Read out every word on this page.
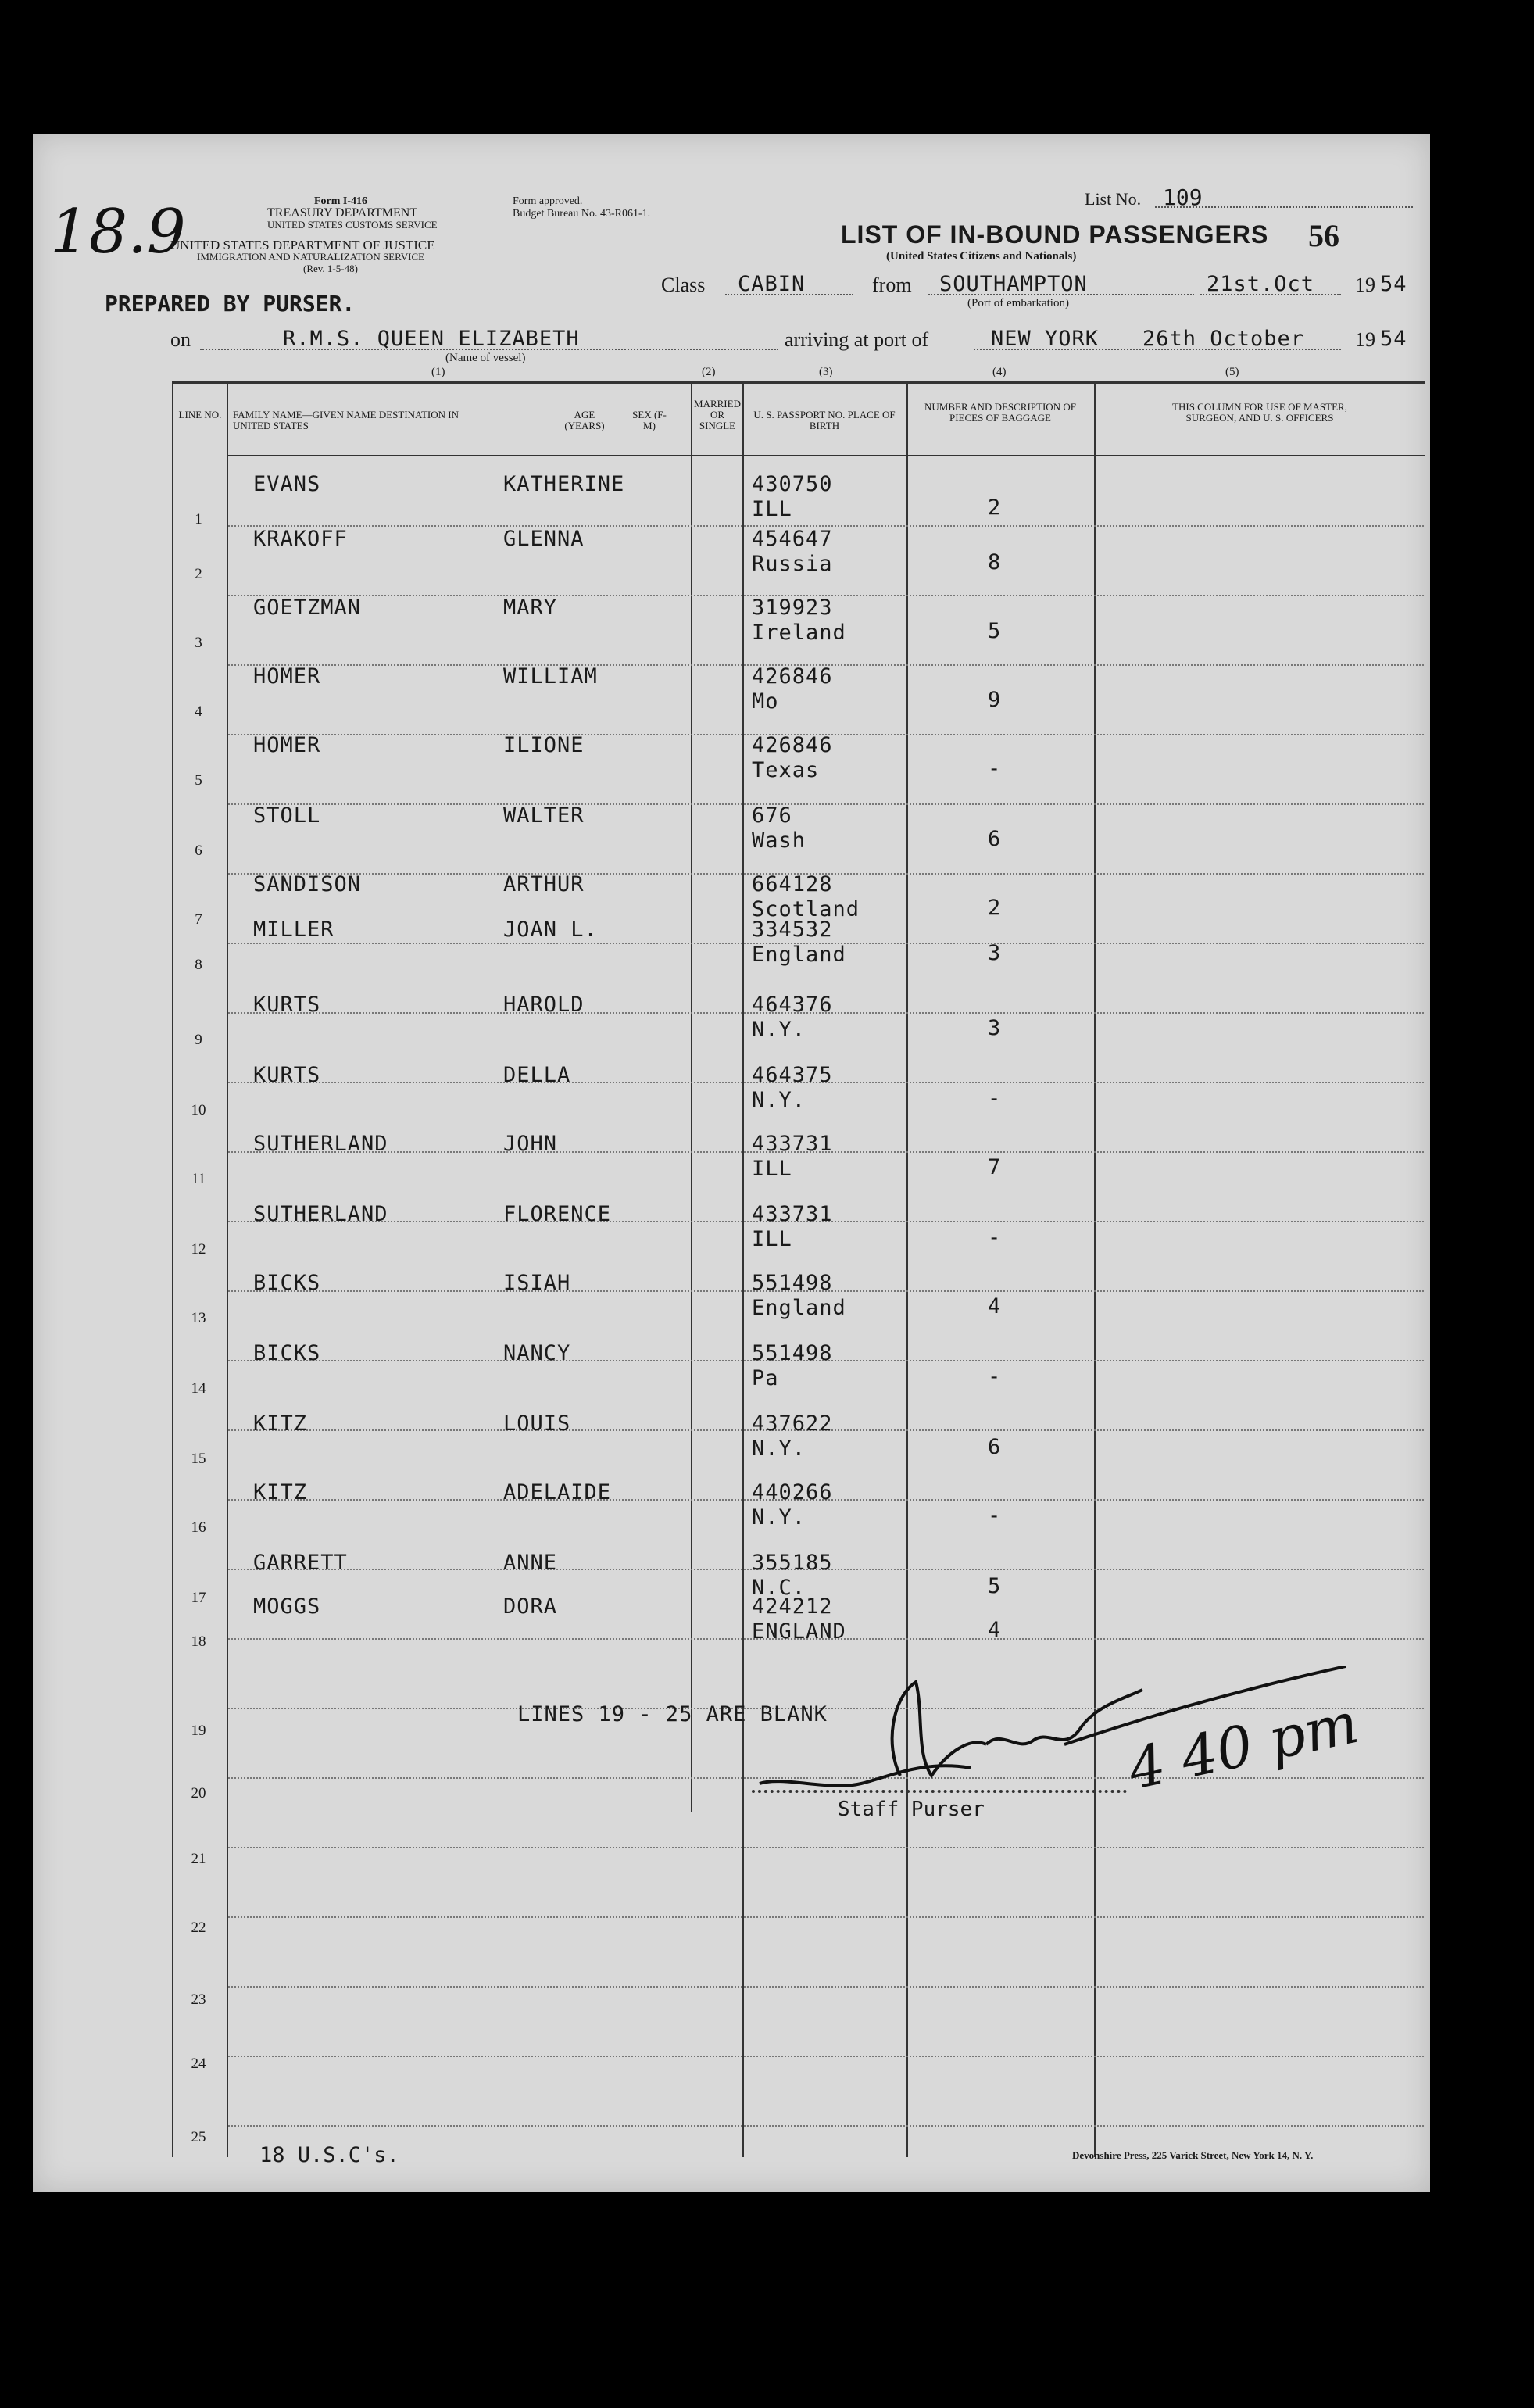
18.9	Form I-416
TREASURY DEPARTMENT
UNITED STATES CUSTOMS SERVICE
UNITED STATES DEPARTMENT OF JUSTICE
IMMIGRATION AND NATURALIZATION SERVICE
(Rev. 1-5-48)
Form approved.
Budget Bureau No. 43-R061-1.
List No. 109
LIST OF IN-BOUND PASSENGERS
(United States Citizens and Nationals)
56
PREPARED BY PURSER.
Class CABIN	from SOUTHAMPTON
(Port of embarkation)
21st.Oct 19 54
on	R.M.S. QUEEN ELIZABETH
(Name of vessel)
arriving at port of	NEW YORK 26th October 19 54
(1)	(2)	(3)	(4)	(5)
LINE NO. FAMILY NAME—GIVEN NAME DESTINATION IN UNITED STATES
AGE (YEARS)
SEX (F-M)
MARRIED OR SINGLE
U. S. PASSPORT NO. PLACE OF BIRTH
NUMBER AND DESCRIPTION OF PIECES OF BAGGAGE
THIS COLUMN FOR USE OF MASTER, SURGEON, AND U. S. OFFICERS
1
EVANS	KATHERINE	430750
ILL	2
2
KRAKOFF	GLENNA	454647
Russia	8
3
GOETZMAN	MARY	319923
Ireland	5
4
HOMER	WILLIAM	426846
Mo	9
5
HOMER	ILIONE	426846
Texas	-
6
STOLL	WALTER	676
Wash	6
7
SANDISON	ARTHUR	664128
Scotland	2
8
MILLER	JOAN L.	334532
England	3
9
KURTS	HAROLD	464376
N.Y.	3
10
KURTS	DELLA	464375
N.Y.	-
11
SUTHERLAND	JOHN	433731
ILL	7
12
SUTHERLAND	FLORENCE	433731
ILL	-
13
BICKS	ISIAH	551498
England	4
14
BICKS	NANCY	551498
Pa	-
15
KITZ	LOUIS	437622
N.Y.	6
16
KITZ	ADELAIDE	440266
N.Y.	-
17
GARRETT	ANNE	355185
N.C.	5
18
MOGGS	DORA	424212
ENGLAND	4
19
20
21
22
23
24
25
LINES 19 - 25 ARE BLANK
Staff Purser
4 40 pm
18 U.S.C's.	Devonshire Press, 225 Varick Street, New York 14, N. Y.
